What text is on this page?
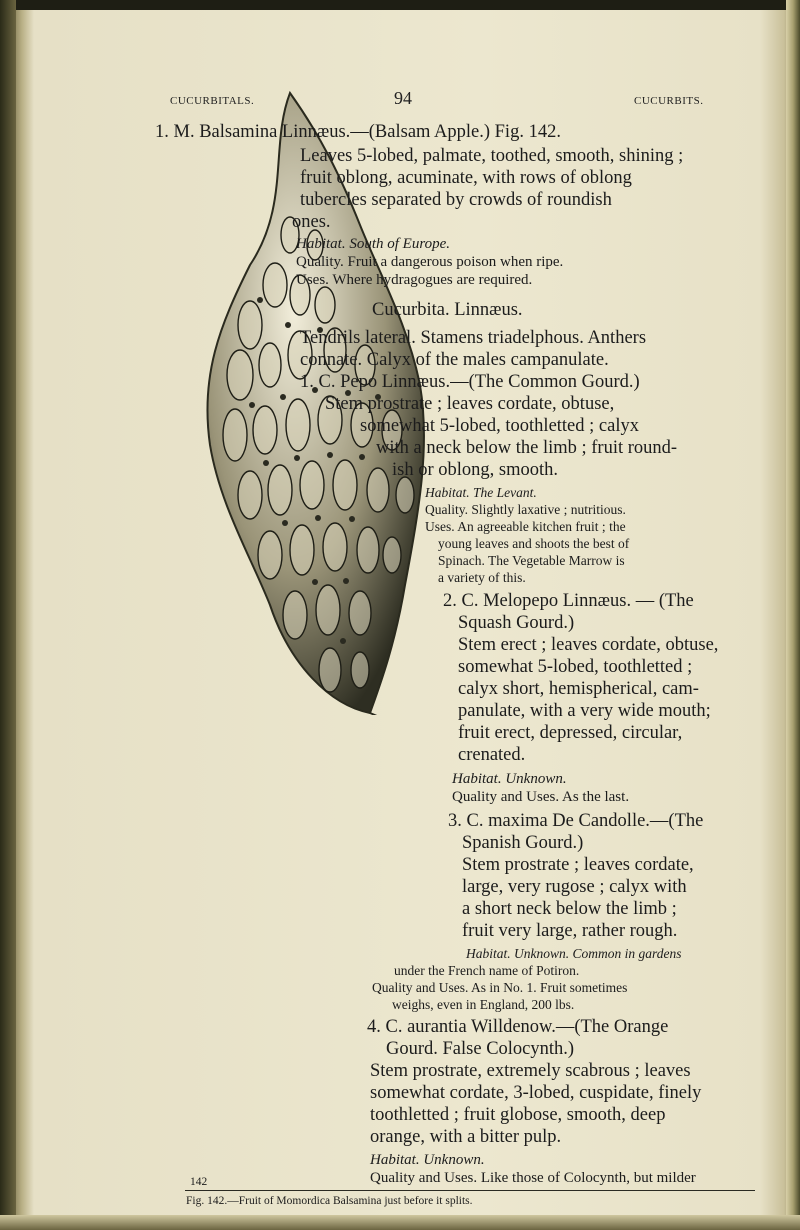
CUCURBITALS.	94	CUCURBITS.
1. M. Balsamina Linnæus.—(Balsam Apple.) Fig. 142.
Leaves 5-lobed, palmate, toothed, smooth, shining ;
fruit oblong, acuminate, with rows of oblong
tubercles separated by crowds of roundish
ones.
Habitat. South of Europe.
Quality. Fruit a dangerous poison when ripe.
Uses. Where hydragogues are required.
Cucurbita. Linnæus.
Tendrils lateral. Stamens triadelphous. Anthers
connate. Calyx of the males campanulate.
1. C. Pepo Linnæus.—(The Common Gourd.)
Stem prostrate ; leaves cordate, obtuse,
somewhat 5-lobed, toothletted ; calyx
with a neck below the limb ; fruit round-
ish or oblong, smooth.
Habitat. The Levant.
Quality. Slightly laxative ; nutritious.
Uses. An agreeable kitchen fruit ; the
young leaves and shoots the best of
Spinach. The Vegetable Marrow is
a variety of this.
2. C. Melopepo Linnæus. — (The
Squash Gourd.)
Stem erect ; leaves cordate, obtuse,
somewhat 5-lobed, toothletted ;
calyx short, hemispherical, cam-
panulate, with a very wide mouth;
fruit erect, depressed, circular,
crenated.
Habitat. Unknown.
Quality and Uses. As the last.
3. C. maxima De Candolle.—(The
Spanish Gourd.)
Stem prostrate ; leaves cordate,
large, very rugose ; calyx with
a short neck below the limb ;
fruit very large, rather rough.
Habitat. Unknown. Common in gardens
under the French name of Potiron.
Quality and Uses. As in No. 1. Fruit sometimes
weighs, even in England, 200 lbs.
4. C. aurantia Willdenow.—(The Orange
Gourd. False Colocynth.)
Stem prostrate, extremely scabrous ; leaves
somewhat cordate, 3-lobed, cuspidate, finely
toothletted ; fruit globose, smooth, deep
orange, with a bitter pulp.
Habitat. Unknown.
Quality and Uses. Like those of Colocynth, but milder
142
Fig. 142.—Fruit of Momordica Balsamina just before it splits.
